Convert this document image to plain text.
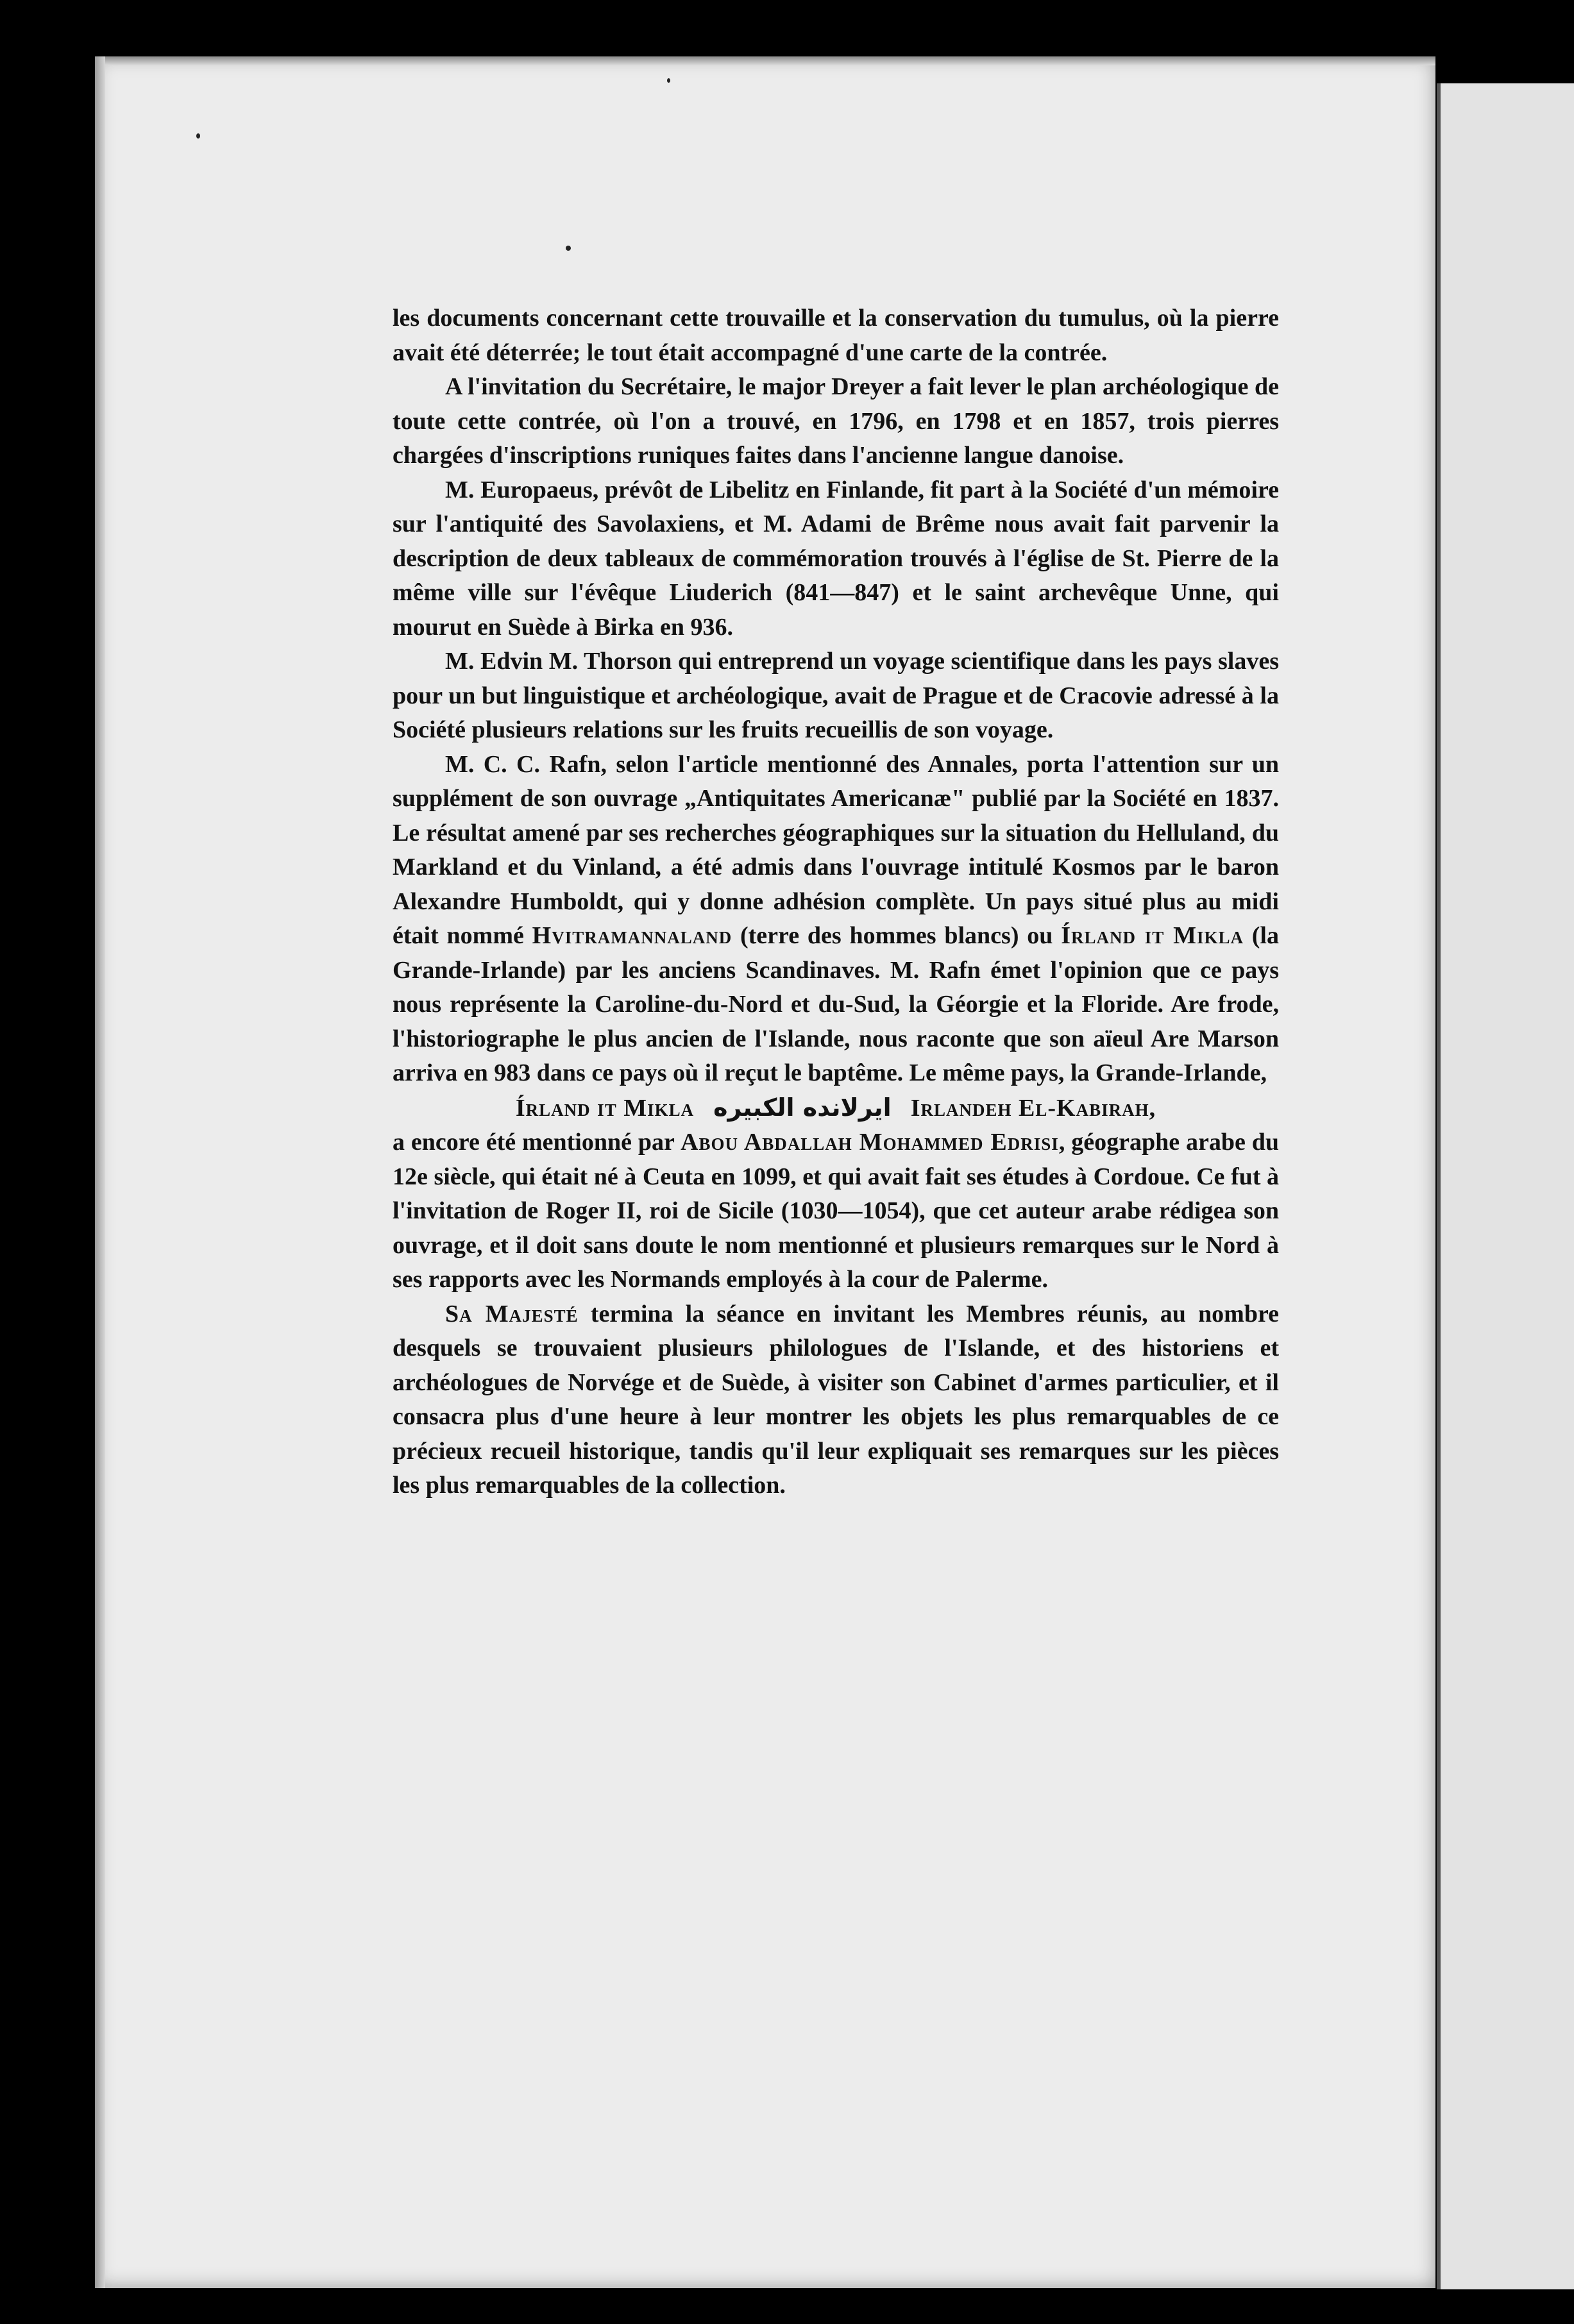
les documents concernant cette trouvaille et la conservation du tumulus, où la pierre avait été déterrée; le tout était accompagné d'une carte de la contrée.

A l'invitation du Secrétaire, le major Dreyer a fait lever le plan archéologique de toute cette contrée, où l'on a trouvé, en 1796, en 1798 et en 1857, trois pierres chargées d'inscriptions runiques faites dans l'ancienne langue danoise.

M. Europaeus, prévôt de Libelitz en Finlande, fit part à la Société d'un mémoire sur l'antiquité des Savolaxiens, et M. Adami de Brême nous avait fait parvenir la description de deux tableaux de commémoration trouvés à l'église de St. Pierre de la même ville sur l'évêque Liuderich (841—847) et le saint archevêque Unne, qui mourut en Suède à Birka en 936.

M. Edvin M. Thorson qui entreprend un voyage scientifique dans les pays slaves pour un but linguistique et archéologique, avait de Prague et de Cracovie adressé à la Société plusieurs relations sur les fruits recueillis de son voyage.

M. C. C. Rafn, selon l'article mentionné des Annales, porta l'attention sur un supplément de son ouvrage „Antiquitates Americanæ" publié par la Société en 1837. Le résultat amené par ses recherches géographiques sur la situation du Helluland, du Markland et du Vinland, a été admis dans l'ouvrage intitulé Kosmos par le baron Alexandre Humboldt, qui y donne adhésion complète. Un pays situé plus au midi était nommé Hvitramannaland (terre des hommes blancs) ou Írland it Mikla (la Grande-Irlande) par les anciens Scandinaves. M. Rafn émet l'opinion que ce pays nous représente la Caroline-du-Nord et du-Sud, la Géorgie et la Floride. Are frode, l'historiographe le plus ancien de l'Islande, nous raconte que son aïeul Are Marson arriva en 983 dans ce pays où il reçut le baptême. Le même pays, la Grande-Irlande,

Írland it Mikla ايرلانده الكبيره Irlandeh El-Kabirah,

a encore été mentionné par Abou Abdallah Mohammed Edrisi, géographe arabe du 12e siècle, qui était né à Ceuta en 1099, et qui avait fait ses études à Cordoue. Ce fut à l'invitation de Roger II, roi de Sicile (1030—1054), que cet auteur arabe rédigea son ouvrage, et il doit sans doute le nom mentionné et plusieurs remarques sur le Nord à ses rapports avec les Normands employés à la cour de Palerme.

Sa Majesté termina la séance en invitant les Membres réunis, au nombre desquels se trouvaient plusieurs philologues de l'Islande, et des historiens et archéologues de Norvége et de Suède, à visiter son Cabinet d'armes particulier, et il consacra plus d'une heure à leur montrer les objets les plus remarquables de ce précieux recueil historique, tandis qu'il leur expliquait ses remarques sur les pièces les plus remarquables de la collection.
